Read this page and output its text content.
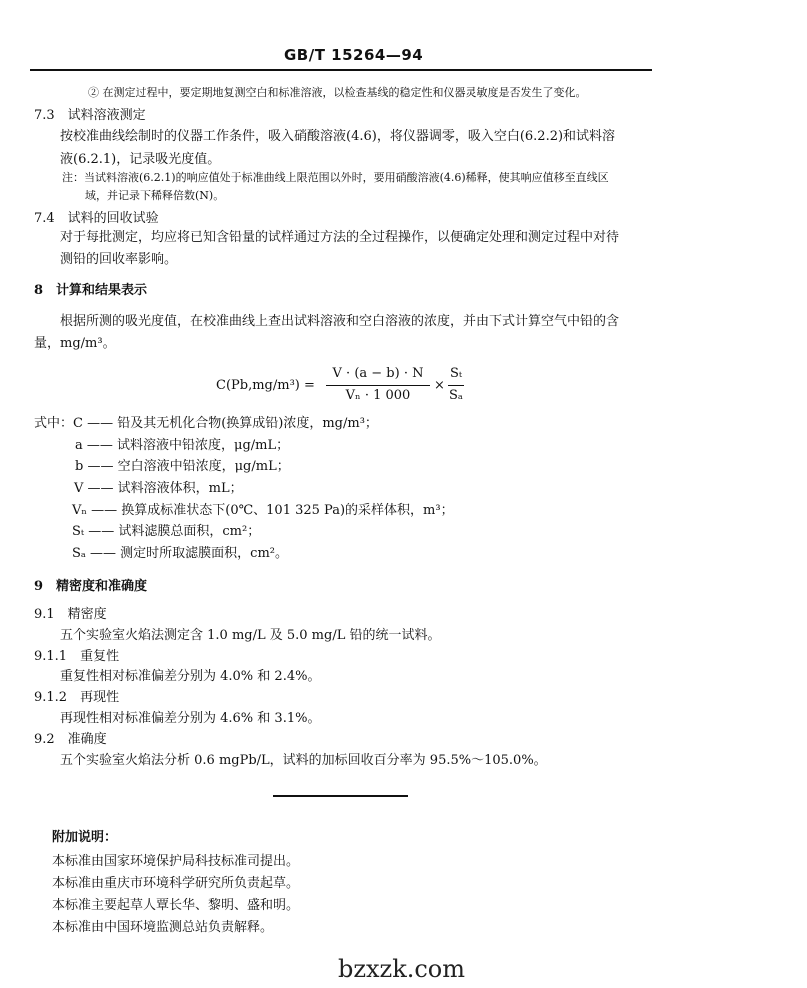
GB/T 15264—94
② 在测定过程中，要定期地复测空白和标准溶液，以检查基线的稳定性和仪器灵敏度是否发生了变化。
7.3　试料溶液测定
按校准曲线绘制时的仪器工作条件，吸入硝酸溶液(4.6)，将仪器调零，吸入空白(6.2.2)和试料溶
液(6.2.1)，记录吸光度值。
注：当试料溶液(6.2.1)的响应值处于标准曲线上限范围以外时，要用硝酸溶液(4.6)稀释，使其响应值移至直线区
域，并记录下稀释倍数(N)。
7.4　试料的回收试验
对于每批测定，均应将已知含铅量的试样通过方法的全过程操作，以便确定处理和测定过程中对待
测铅的回收率影响。
8　计算和结果表示
根据所测的吸光度值，在校准曲线上查出试料溶液和空白溶液的浓度，并由下式计算空气中铅的含
量，mg/m³。
C(Pb,mg/m³) =
V · (a − b) · N
Vₙ · 1 000
×
Sₜ
Sₐ
式中：C —— 铅及其无机化合物(换算成铅)浓度，mg/m³；
a —— 试料溶液中铅浓度，μg/mL；
b —— 空白溶液中铅浓度，μg/mL；
V —— 试料溶液体积，mL；
Vₙ —— 换算成标准状态下(0℃、101 325 Pa)的采样体积，m³；
Sₜ —— 试料滤膜总面积，cm²；
Sₐ —— 测定时所取滤膜面积，cm²。
9　精密度和准确度
9.1　精密度
五个实验室火焰法测定含 1.0 mg/L 及 5.0 mg/L 铅的统一试料。
9.1.1　重复性
重复性相对标准偏差分别为 4.0% 和 2.4%。
9.1.2　再现性
再现性相对标准偏差分别为 4.6% 和 3.1%。
9.2　准确度
五个实验室火焰法分析 0.6 mgPb/L，试料的加标回收百分率为 95.5%～105.0%。
附加说明：
本标准由国家环境保护局科技标准司提出。
本标准由重庆市环境科学研究所负责起草。
本标准主要起草人覃长华、黎明、盛和明。
本标准由中国环境监测总站负责解释。
bzxzk.com
